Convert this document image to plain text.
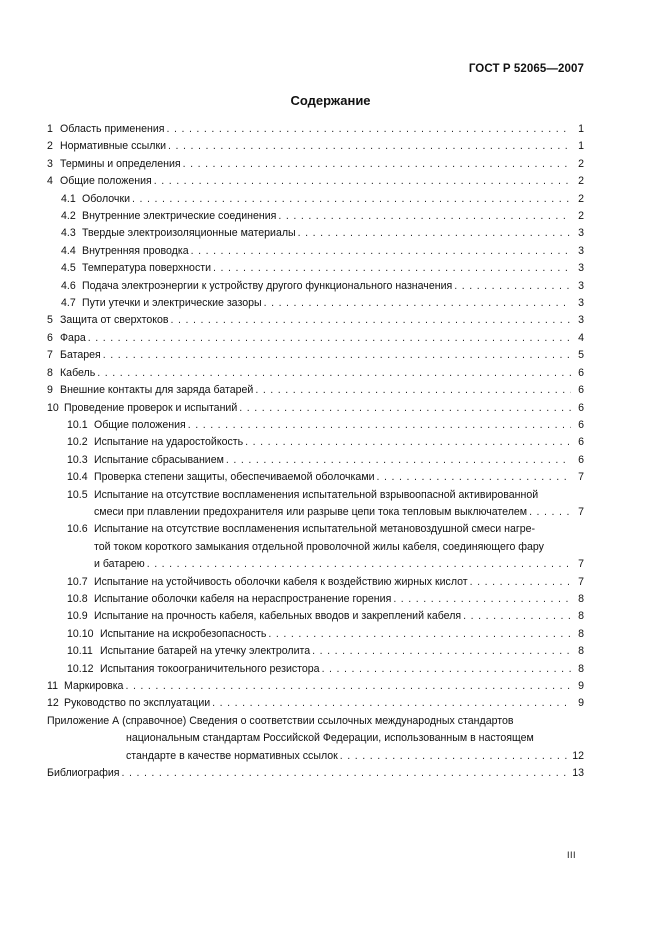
ГОСТ Р 52065—2007
Содержание
1 Область применения . . .	1
2 Нормативные ссылки . . .	1
3 Термины и определения . . .	2
4 Общие положения . . .	2
4.1 Оболочки . . .	2
4.2 Внутренние электрические соединения . . .	2
4.3 Твердые электроизоляционные материалы . . .	3
4.4 Внутренняя проводка . . .	3
4.5 Температура поверхности . . .	3
4.6 Подача электроэнергии к устройству другого функционального назначения . . .	3
4.7 Пути утечки и электрические зазоры . . .	3
5 Защита от сверхтоков . . .	3
6 Фара . . .	4
7 Батарея . . .	5
8 Кабель . . .	6
9 Внешние контакты для заряда батарей . . .	6
10 Проведение проверок и испытаний . . .	6
10.1 Общие положения . . .	6
10.2 Испытание на ударостойкость . . .	6
10.3 Испытание сбрасыванием . . .	6
10.4 Проверка степени защиты, обеспечиваемой оболочками . . .	7
10.5 Испытание на отсутствие воспламенения испытательной взрывоопасной активированной
смеси при плавлении предохранителя или разрыве цепи тока тепловым выключателем . . .	7
10.6 Испытание на отсутствие воспламенения испытательной метановоздушной смеси нагре-
той током короткого замыкания отдельной проволочной жилы кабеля, соединяющего фару
и батарею . . .	7
10.7 Испытание на устойчивость оболочки кабеля к воздействию жирных кислот . . .	7
10.8 Испытание оболочки кабеля на нераспространение горения . . .	8
10.9 Испытание на прочность кабеля, кабельных вводов и закреплений кабеля . . .	8
10.10 Испытание на искробезопасность . . .	8
10.11 Испытание батарей на утечку электролита . . .	8
10.12 Испытания токоограничительного резистора . . .	8
11 Маркировка . . .	9
12 Руководство по эксплуатации . . .	9
Приложение А (справочное) Сведения о соответствии ссылочных международных стандартов
национальным стандартам Российской Федерации, использованным в настоящем
стандарте в качестве нормативных ссылок . . .	12
Библиография . . .	13
III
